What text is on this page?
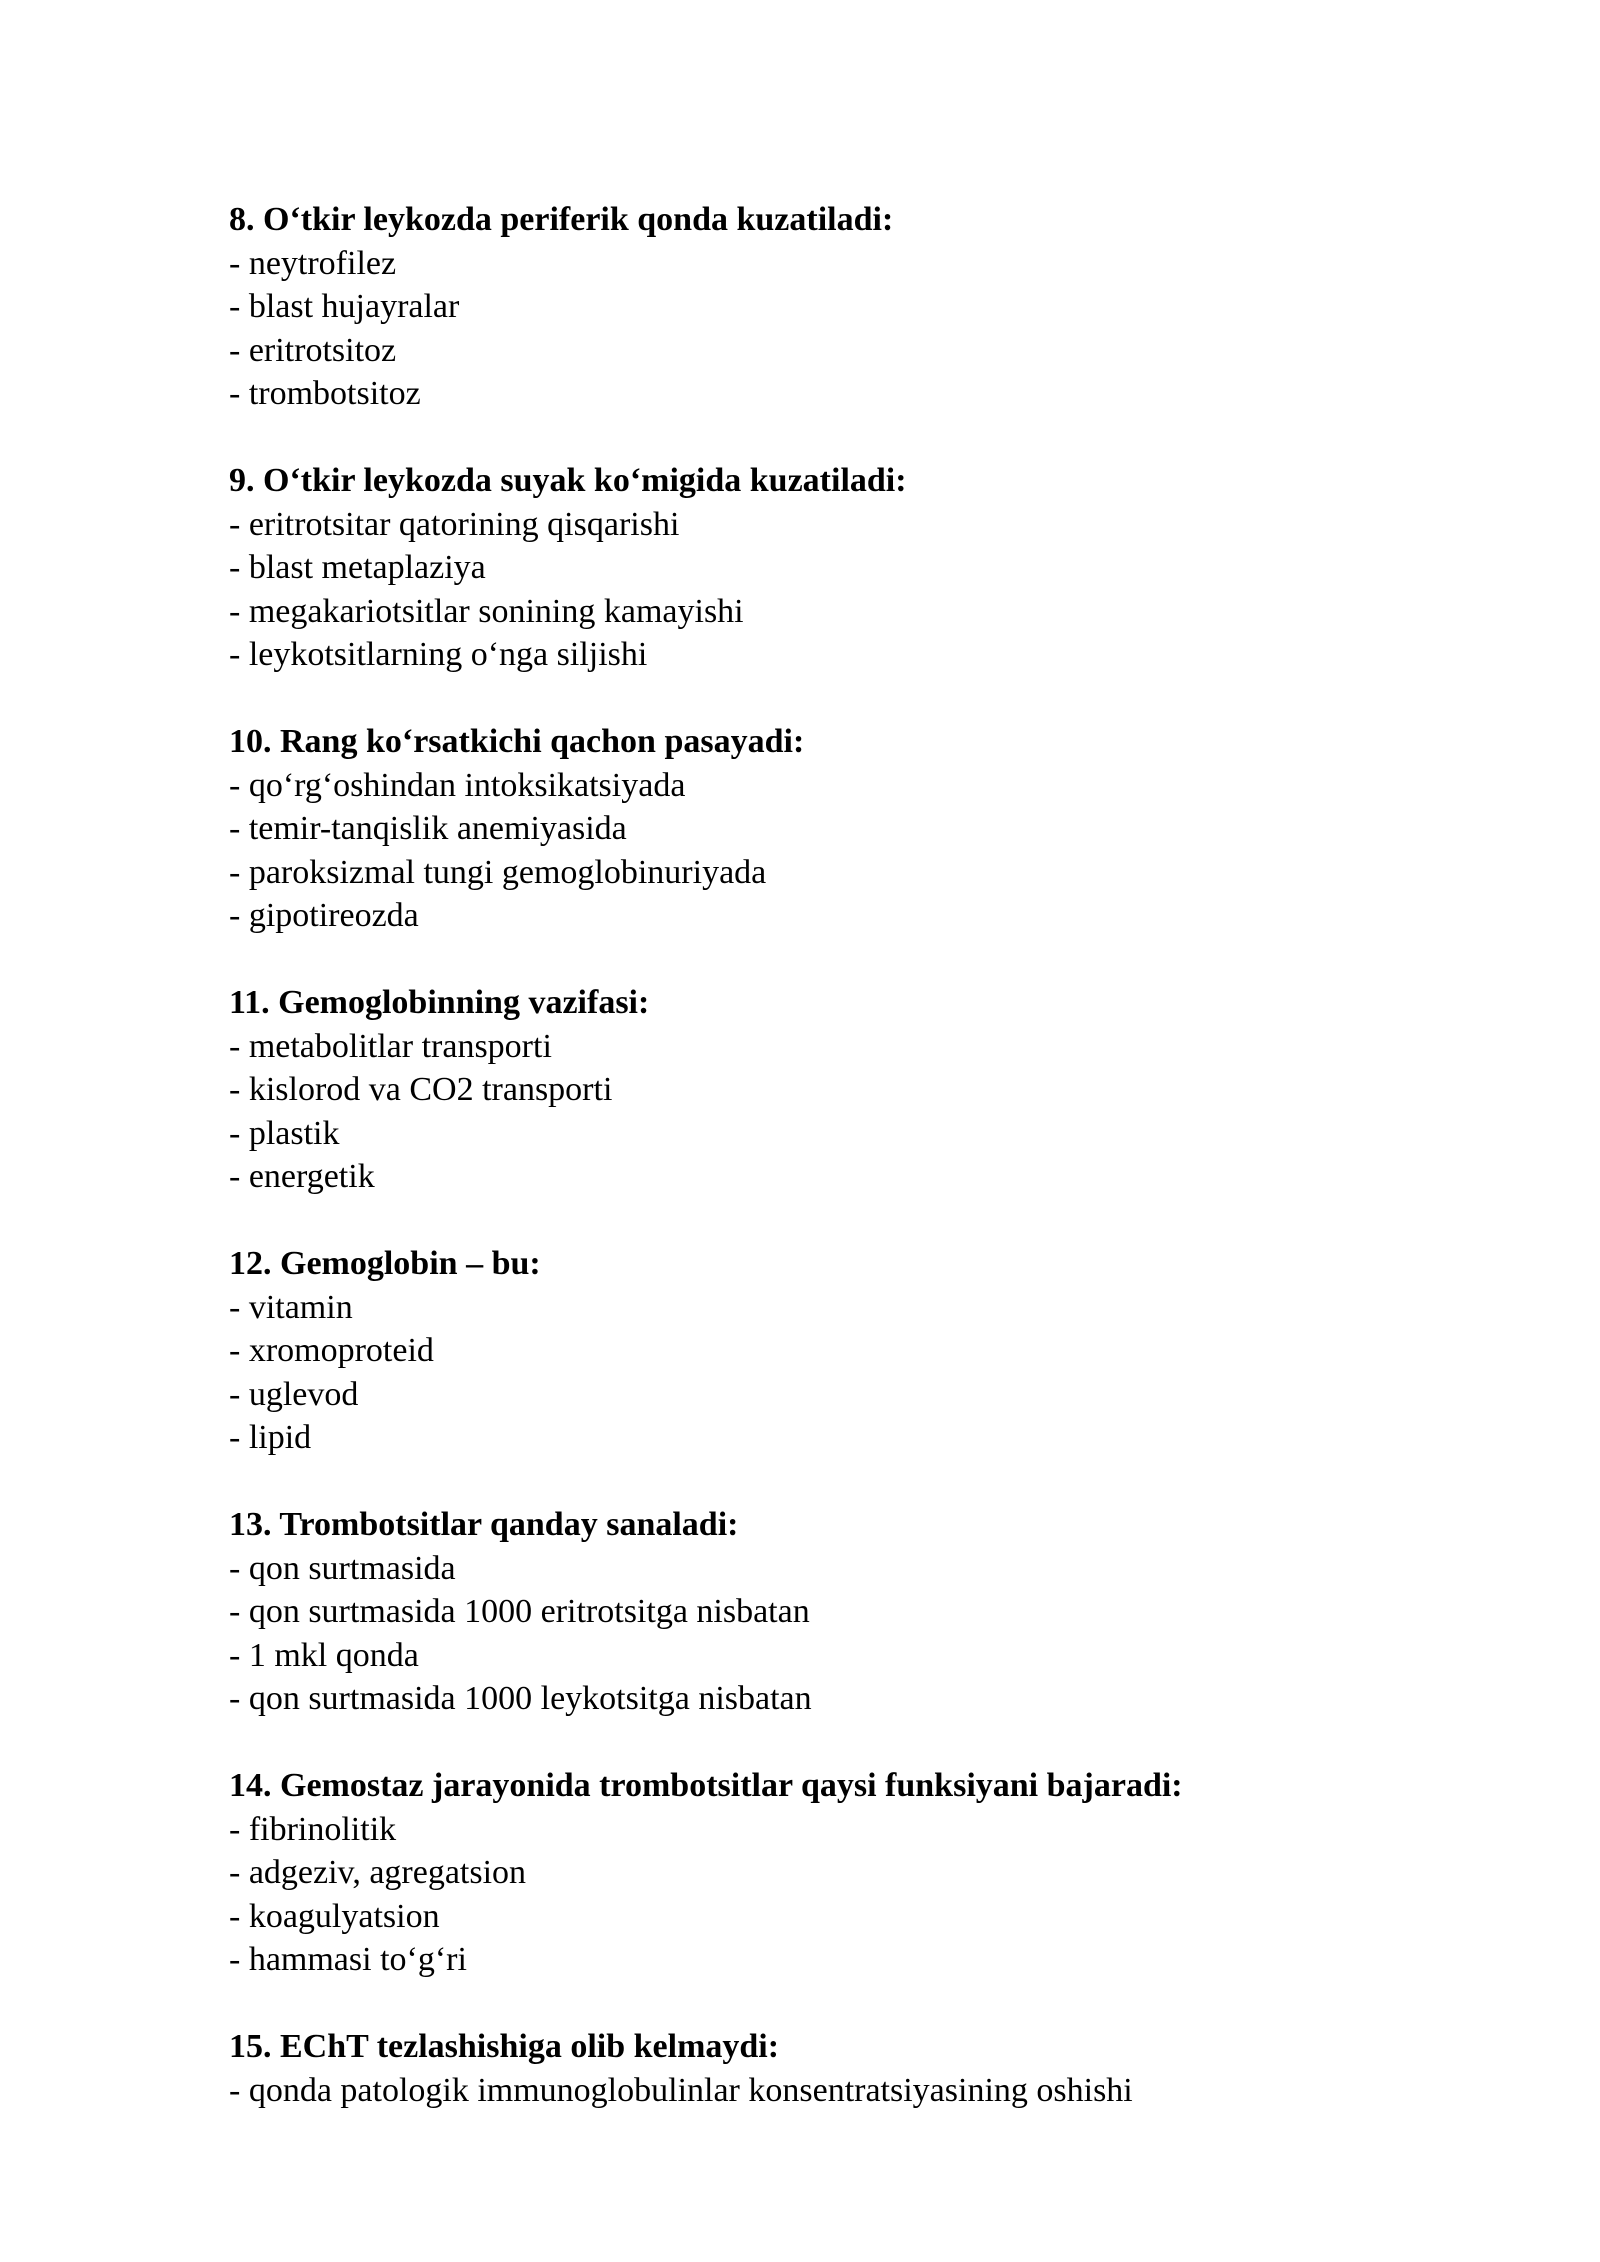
8. O‘tkir leykozda periferik qonda kuzatiladi:
- neytrofilez
- blast hujayralar
- eritrotsitoz
- trombotsitoz
9. O‘tkir leykozda suyak ko‘migida kuzatiladi:
- eritrotsitar qatorining qisqarishi
- blast metaplaziya
- megakariotsitlar sonining kamayishi
- leykotsitlarning o‘nga siljishi
10. Rang ko‘rsatkichi qachon pasayadi:
- qo‘rg‘oshindan intoksikatsiyada
- temir-tanqislik anemiyasida
- paroksizmal tungi gemoglobinuriyada
- gipotireozda
11. Gemoglobinning vazifasi:
- metabolitlar transporti
- kislorod va CO2 transporti
- plastik
- energetik
12. Gemoglobin – bu:
- vitamin
- xromoproteid
- uglevod
- lipid
13. Trombotsitlar qanday sanaladi:
- qon surtmasida
- qon surtmasida 1000 eritrotsitga nisbatan
- 1 mkl qonda
- qon surtmasida 1000 leykotsitga nisbatan
14. Gemostaz jarayonida trombotsitlar qaysi funksiyani bajaradi:
- fibrinolitik
- adgeziv, agregatsion
- koagulyatsion
- hammasi to‘g‘ri
15. EChT tezlashishiga olib kelmaydi:
- qonda patologik immunoglobulinlar konsentratsiyasining oshishi
